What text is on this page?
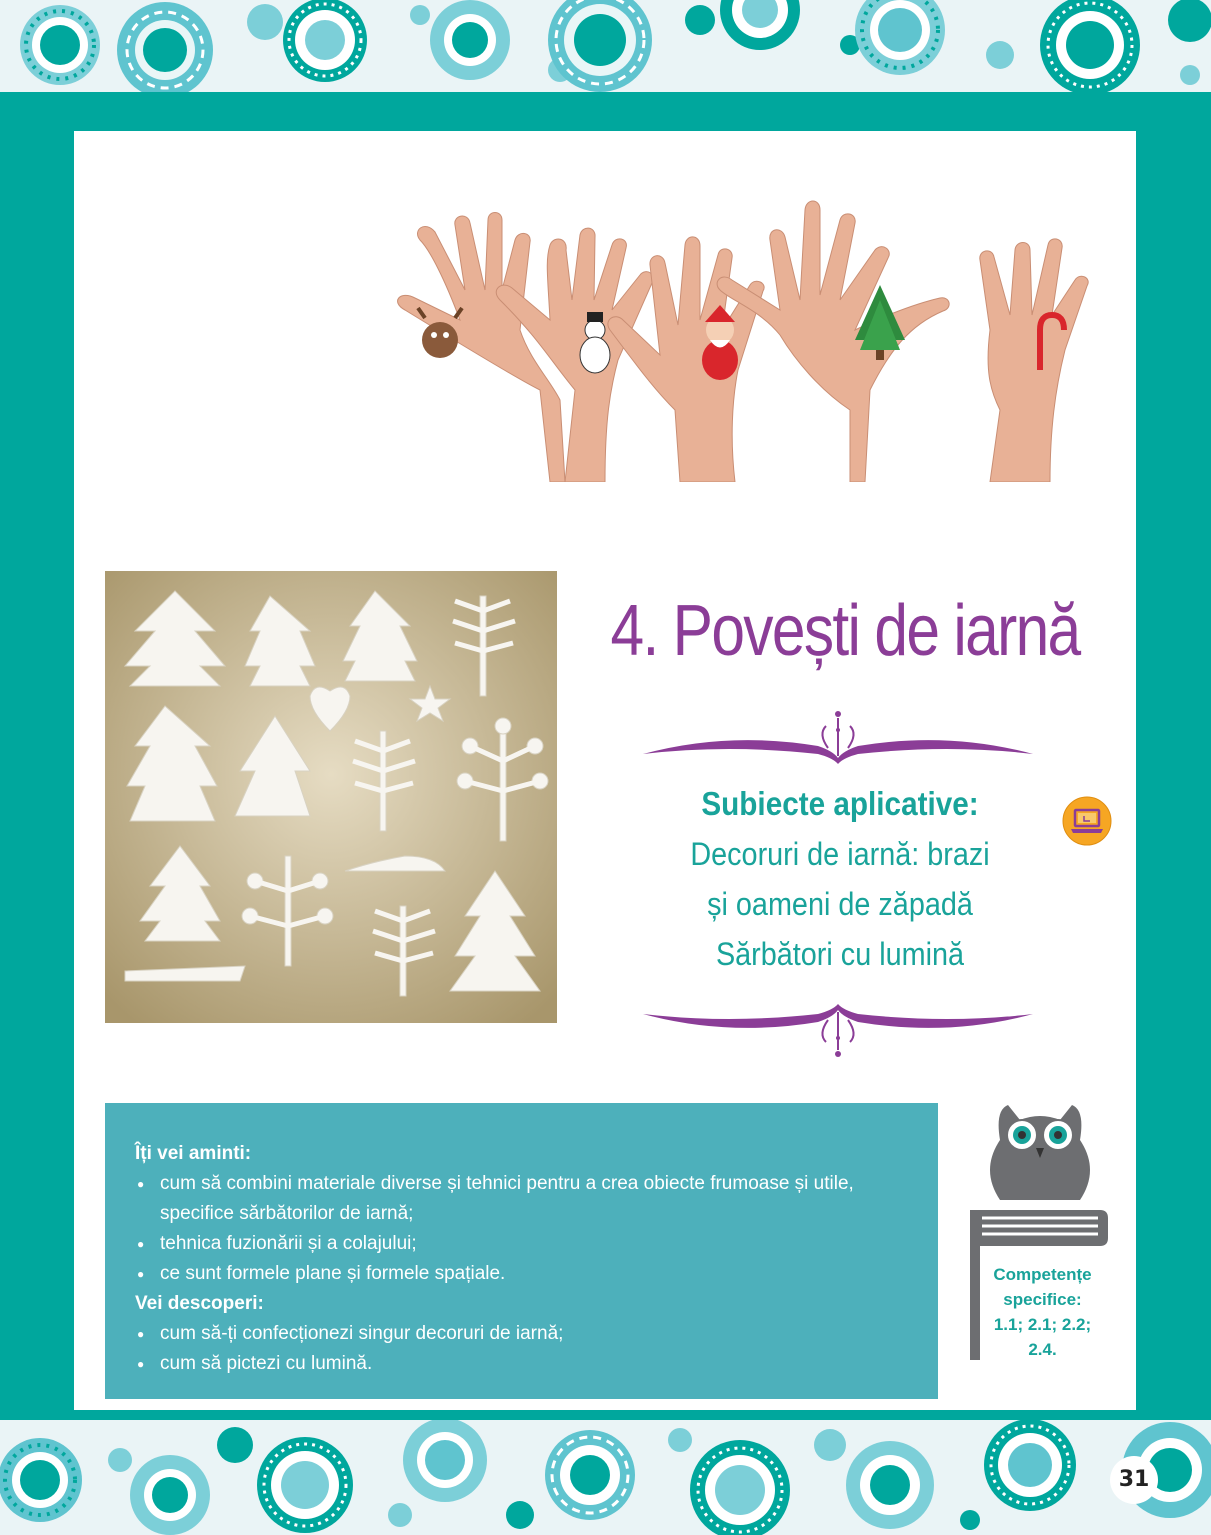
4. Povești de iarnă

Subiecte aplicative:

Decoruri de iarnă: brazi

și oameni de zăpadă

Sărbători cu lumină

Îți vei aminti:

● cum să combini materiale diverse și tehnici pentru a crea obiecte frumoase și utile, specifice sărbătorilor de iarnă;
● tehnica fuzionării și a colajului;
● ce sunt formele plane și formele spațiale.

Vei descoperi:

● cum să-ți confecționezi singur decoruri de iarnă;
● cum să pictezi cu lumină.
Competențe specifice:
1.1; 2.1; 2.2; 2.4.
31
